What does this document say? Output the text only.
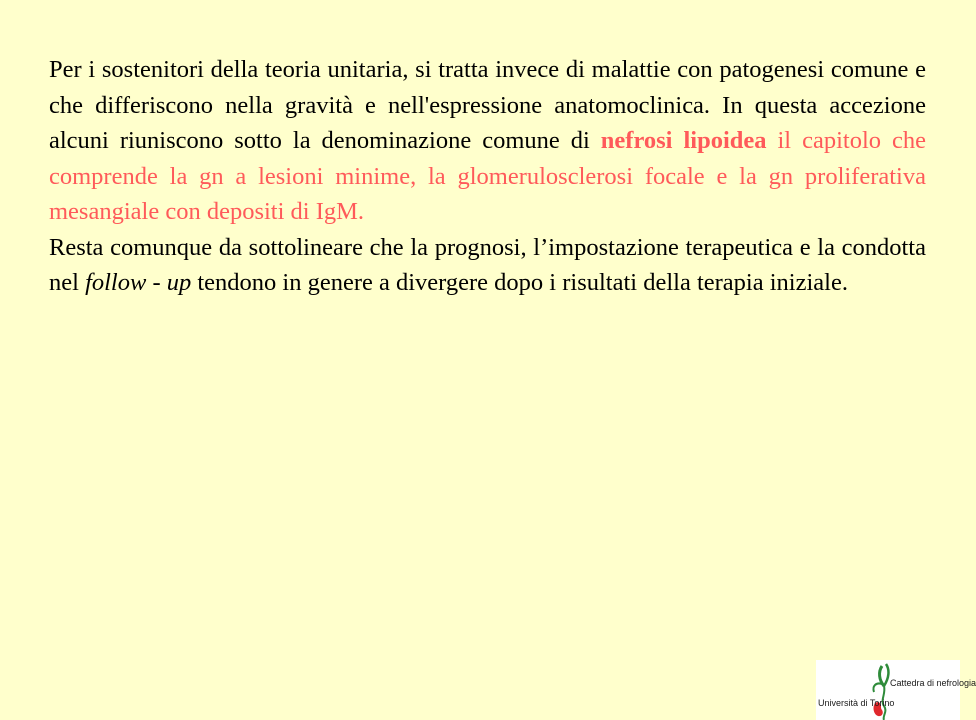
Per i sostenitori della teoria unitaria, si tratta invece di malattie con patogenesi comune e che differiscono nella gravità e nell'espressione anatomoclinica. In questa accezione alcuni riuniscono sotto la denominazione comune di nefrosi lipoidea il capitolo che comprende la gn a lesioni minime, la glomerulosclerosi focale e la gn proliferativa mesangiale con depositi di IgM.

Resta comunque da sottolineare che la prognosi, l’impostazione terapeutica e la condotta nel follow - up tendono in genere a divergere dopo i risultati della terapia iniziale.

Università di Torino
Cattedra di nefrologia
